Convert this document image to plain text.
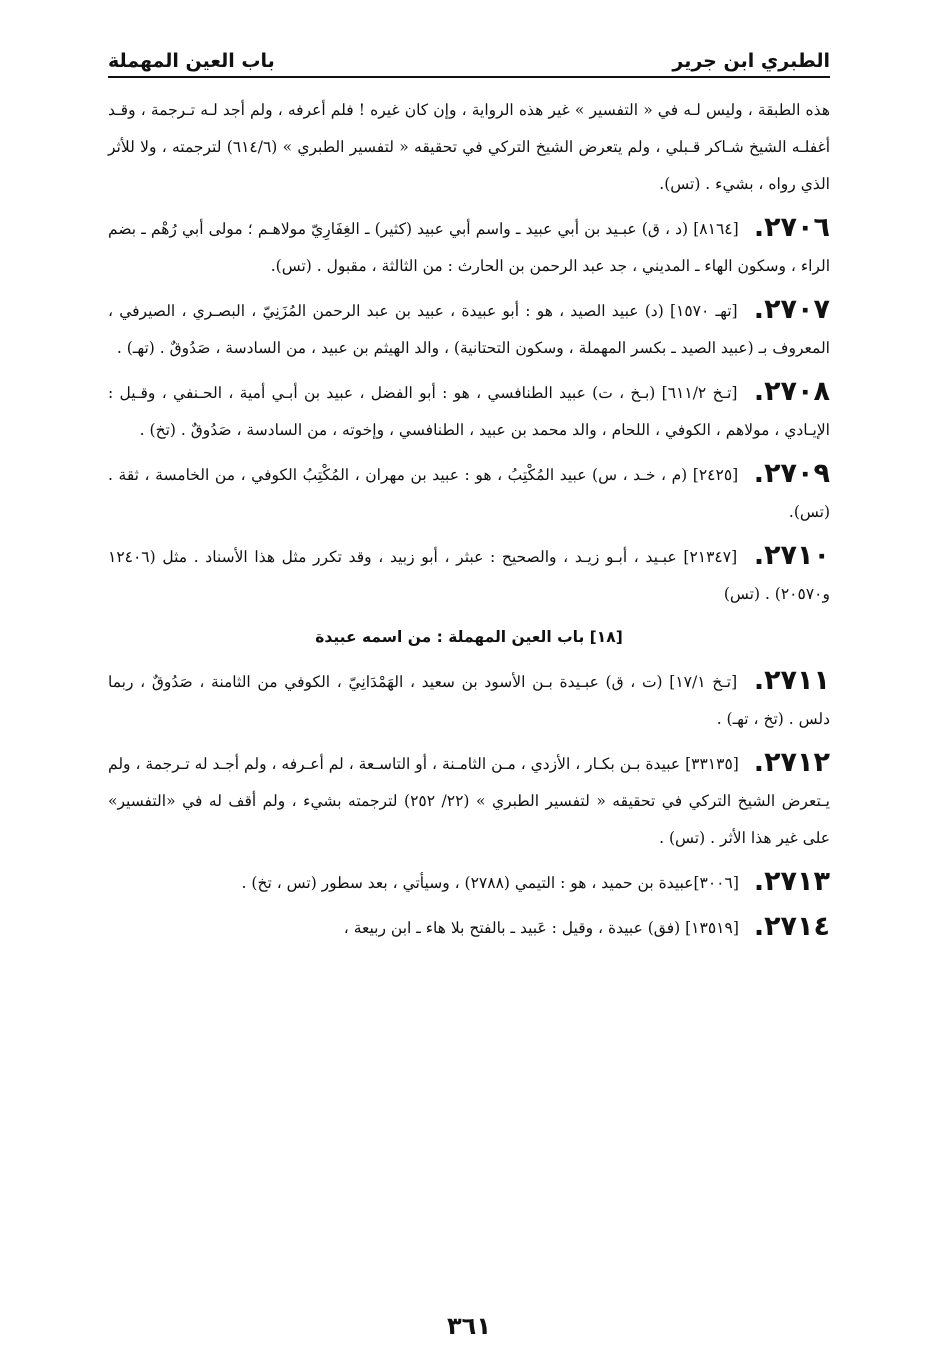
الطبري ابن جرير
باب العين المهملة

هذه الطبقة ، وليس لـه في « التفسير » غير هذه الرواية ، وإن كان غيره ! فلم أعرفه ، ولم أجد لـه تـرجمة ، وقـد أغفلـه الشيخ شـاكر قـبلي ، ولم يتعرض الشيخ التركي في تحقيقه « لتفسير الطبري » (٦١٤/٦) لترجمته ، ولا للأثر الذي رواه ، بشيء . (تس).

٢٧٠٦. [٨١٦٤] (د ، ق) عبـيد بن أبي عبيد ـ واسم أبي عبيد (كثير) ـ الغِفَارِيّ مولاهـم ؛ مولى أبي رُهْم ـ بضم الراء ، وسكون الهاء ـ المديني ، جد عبد الرحمن بن الحارث : من الثالثة ، مقبول . (تس).

٢٧٠٧. [تهـ ١٥٧٠] (د) عبيد الصيد ، هو : أبو عبيدة ، عبيد بن عبد الرحمن المُزَنِيّ ، البصـري ، الصيرفي ، المعروف بـ (عبيد الصيد ـ بكسر المهملة ، وسكون التحتانية) ، والد الهيثم بن عبيد ، من السادسة ، صَدُوقٌ . (تهـ) .

٢٧٠٨. [تـخ ٦١١/٢] (بـخ ، ت) عبيد الطنافسي ، هو : أبو الفضل ، عبيد بن أبـي أمية ، الحـنفي ، وقـيل : الإيـادي ، مولاهم ، الكوفي ، اللحام ، والد محمد بن عبيد ، الطنافسي ، وإخوته ، من السادسة ، صَدُوقٌ . (تخ) .

٢٧٠٩. [٢٤٢٥] (م ، خـد ، س) عبيد المُكْتِبُ ، هو : عبيد بن مهران ، المُكْتِبُ الكوفي ، من الخامسة ، ثقة . (تس).

٢٧١٠. [٢١٣٤٧] عبـيد ، أبـو زيـد ، والصحيح : عبثر ، أبو زبيد ، وقد تكرر مثل هذا الأسناد . مثل (١٢٤٠٦ و٢٠٥٧٠) . (تس)

[١٨] باب العين المهملة : من اسمه عبيدة

٢٧١١. [تـخ ١٧/١] (ت ، ق) عبـيدة بـن الأسود بن سعيد ، الهَمْدَانِيّ ، الكوفي من الثامنة ، صَدُوقٌ ، ربما دلس . (تخ ، تهـ) .

٢٧١٢. [٣٣١٣٥] عبيدة بـن بكـار ، الأزدي ، مـن الثامـنة ، أو التاسـعة ، لم أعـرفه ، ولم أجـد له تـرجمة ، ولم يـتعرض الشيخ التركي في تحقيقه « لتفسير الطبري » (٢٢/ ٢٥٢) لترجمته بشيء ، ولم أقف له في «التفسير» على غير هذا الأثر . (تس) .

٢٧١٣. [٣٠٠٦]عبيدة بن حميد ، هو : التيمي (٢٧٨٨) ، وسيأتي ، بعد سطور (تس ، تخ) .

٢٧١٤. [١٣٥١٩] (فق) عبيدة ، وقيل : عَبيد ـ بالفتح بلا هاء ـ ابن ربيعة ،

٣٦١
